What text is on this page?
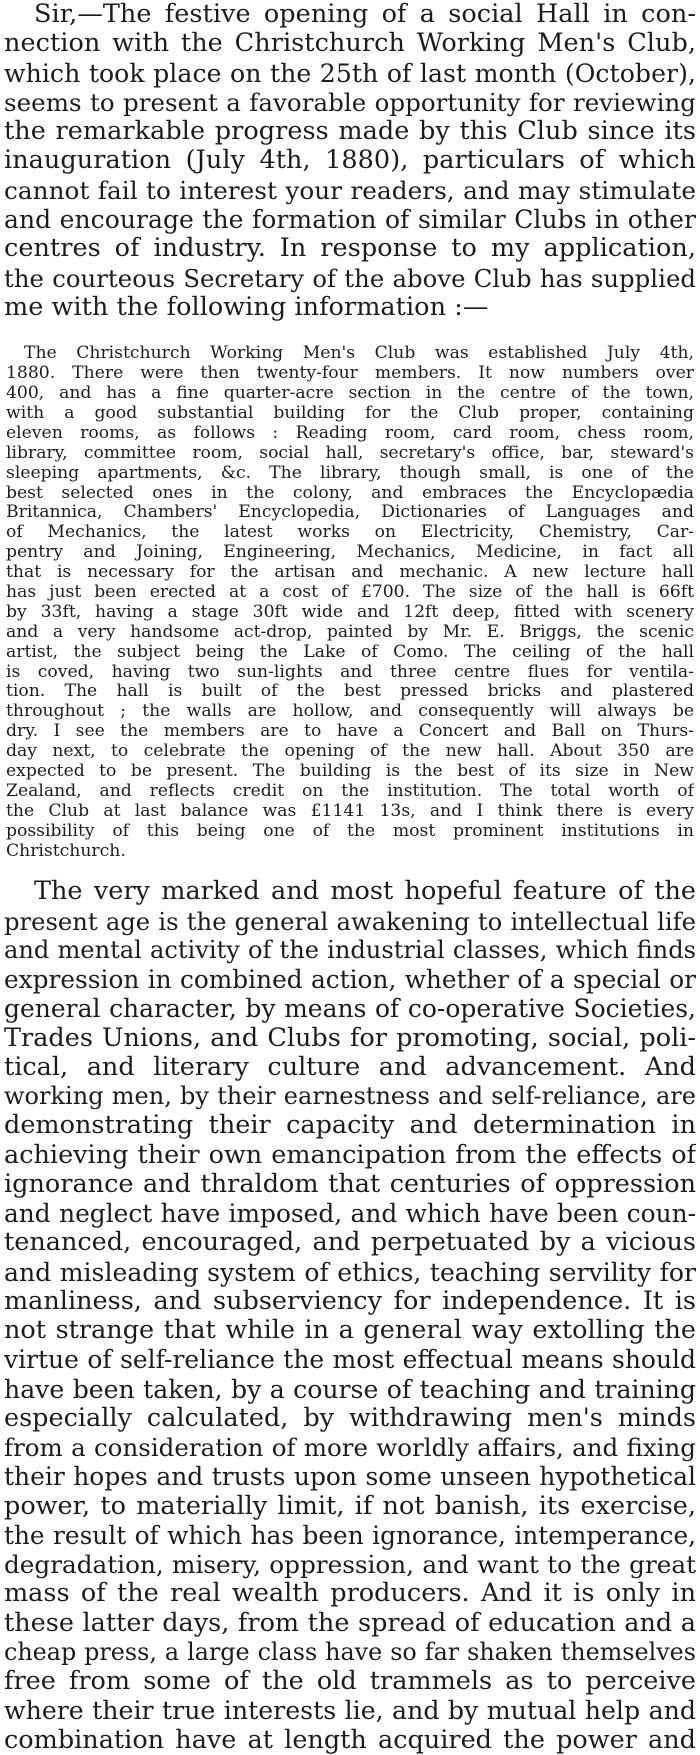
Sir,—The festive opening of a social Hall in con-
nection with the Christchurch Working Men's Club,
which took place on the 25th of last month (October),
seems to present a favorable opportunity for reviewing
the remarkable progress made by this Club since its
inauguration (July 4th, 1880), particulars of which
cannot fail to interest your readers, and may stimulate
and encourage the formation of similar Clubs in other
centres of industry. In response to my application,
the courteous Secretary of the above Club has supplied
me with the following information :—
The Christchurch Working Men's Club was established July 4th,
1880. There were then twenty-four members. It now numbers over
400, and has a fine quarter-acre section in the centre of the town,
with a good substantial building for the Club proper, containing
eleven rooms, as follows : Reading room, card room, chess room,
library, committee room, social hall, secretary's office, bar, steward's
sleeping apartments, &c. The library, though small, is one of the
best selected ones in the colony, and embraces the Encyclopædia
Britannica, Chambers' Encyclopedia, Dictionaries of Languages and
of Mechanics, the latest works on Electricity, Chemistry, Car-
pentry and Joining, Engineering, Mechanics, Medicine, in fact all
that is necessary for the artisan and mechanic. A new lecture hall
has just been erected at a cost of £700. The size of the hall is 66ft
by 33ft, having a stage 30ft wide and 12ft deep, fitted with scenery
and a very handsome act-drop, painted by Mr. E. Briggs, the scenic
artist, the subject being the Lake of Como. The ceiling of the hall
is coved, having two sun-lights and three centre flues for ventila-
tion. The hall is built of the best pressed bricks and plastered
throughout ; the walls are hollow, and consequently will always be
dry. I see the members are to have a Concert and Ball on Thurs-
day next, to celebrate the opening of the new hall. About 350 are
expected to be present. The building is the best of its size in New
Zealand, and reflects credit on the institution. The total worth of
the Club at last balance was £1141 13s, and I think there is every
possibility of this being one of the most prominent institutions in
Christchurch.
The very marked and most hopeful feature of the
present age is the general awakening to intellectual life
and mental activity of the industrial classes, which finds
expression in combined action, whether of a special or
general character, by means of co-operative Societies,
Trades Unions, and Clubs for promoting, social, poli-
tical, and literary culture and advancement. And
working men, by their earnestness and self-reliance, are
demonstrating their capacity and determination in
achieving their own emancipation from the effects of
ignorance and thraldom that centuries of oppression
and neglect have imposed, and which have been coun-
tenanced, encouraged, and perpetuated by a vicious
and misleading system of ethics, teaching servility for
manliness, and subserviency for independence. It is
not strange that while in a general way extolling the
virtue of self-reliance the most effectual means should
have been taken, by a course of teaching and training
especially calculated, by withdrawing men's minds
from a consideration of more worldly affairs, and fixing
their hopes and trusts upon some unseen hypothetical
power, to materially limit, if not banish, its exercise,
the result of which has been ignorance, intemperance,
degradation, misery, oppression, and want to the great
mass of the real wealth producers. And it is only in
these latter days, from the spread of education and a
cheap press, a large class have so far shaken themselves
free from some of the old trammels as to perceive
where their true interests lie, and by mutual help and
combination have at length acquired the power and
